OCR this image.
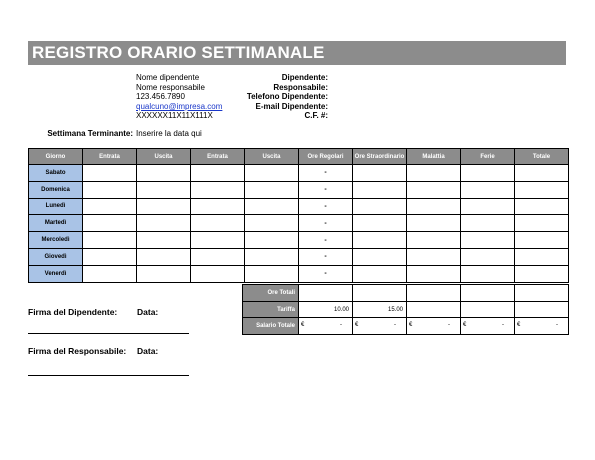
REGISTRO ORARIO SETTIMANALE
Dipendente:
Nome dipendente
Responsabile:
Nome responsabile
Telefono Dipendente:
123.456.7890
E-mail Dipendente:
qualcuno@impresa.com
C.F. #:
XXXXXX11X11X111X
Settimana Terminante: Inserire la data qui
Giorno	Entrata	Uscita	Entrata	Uscita	Ore Regolari	Ore Straordinario	Malattia	Ferie	Totale
Sabato					-				
Domenica					-				
Lunedì					-				
Martedì					-				
Mercoledì					-				
Giovedì					-				
Venerdì					-				
Ore Totali					
Tariffa	10.00	15.00			
Salario Totale	€ -	€ -	€ -	€ -	€ -
Firma del Dipendente: Data:
Firma del Responsabile: Data:
